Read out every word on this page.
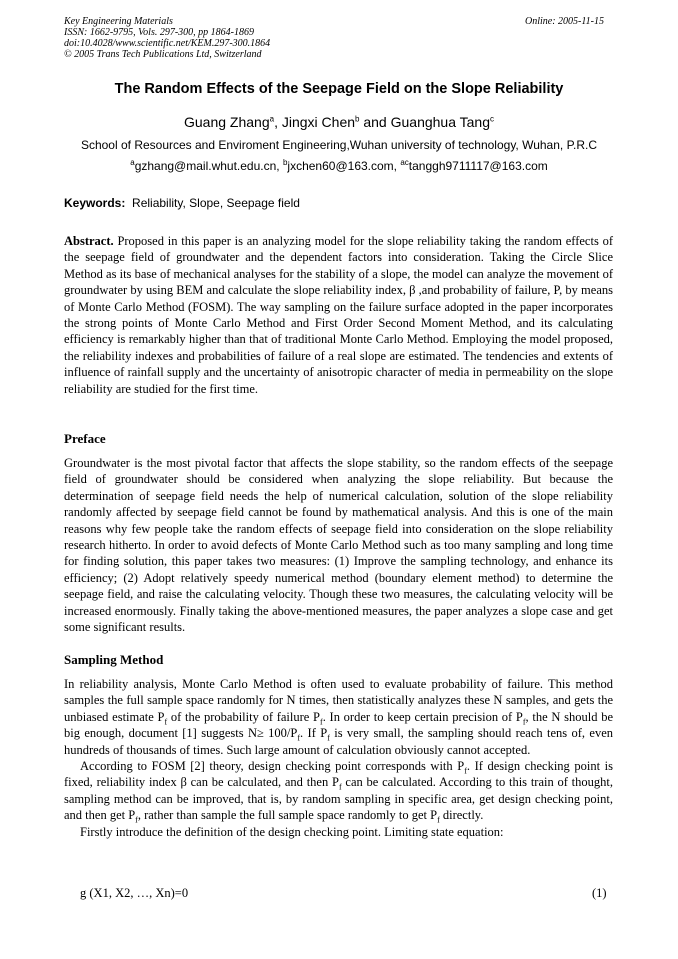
Key Engineering Materials
ISSN: 1662-9795, Vols. 297-300, pp 1864-1869
doi:10.4028/www.scientific.net/KEM.297-300.1864
© 2005 Trans Tech Publications Ltd, Switzerland
Online: 2005-11-15
The Random Effects of the Seepage Field on the Slope Reliability
Guang Zhang$^a$, Jingxi Chen$^b$ and Guanghua Tang$^c$
School of Resources and Enviroment Engineering,Wuhan university of technology, Wuhan, P.R.C
$^a$gzhang@mail.whut.edu.cn, $^b$jxchen60@163.com, $^{ac}$tanggh9711117@163.com
Keywords: Reliability, Slope, Seepage field

Abstract. Proposed in this paper is an analyzing model for the slope reliability taking the random effects of the seepage field of groundwater and the dependent factors into consideration. Taking the Circle Slice Method as its base of mechanical analyses for the stability of a slope, the model can analyze the movement of groundwater by using BEM and calculate the slope reliability index, β ,and probability of failure, P, by means of Monte Carlo Method (FOSM). The way sampling on the failure surface adopted in the paper incorporates the strong points of Monte Carlo Method and First Order Second Moment Method, and its calculating efficiency is remarkably higher than that of traditional Monte Carlo Method. Employing the model proposed, the reliability indexes and probabilities of failure of a real slope are estimated. The tendencies and extents of influence of rainfall supply and the uncertainty of anisotropic character of media in permeability on the slope reliability are studied for the first time.

Preface

Groundwater is the most pivotal factor that affects the slope stability, so the random effects of the seepage field of groundwater should be considered when analyzing the slope reliability. But because the determination of seepage field needs the help of numerical calculation, solution of the slope reliability randomly affected by seepage field cannot be found by mathematical analysis. And this is one of the main reasons why few people take the random effects of seepage field into consideration on the slope reliability research hitherto. In order to avoid defects of Monte Carlo Method such as too many sampling and long time for finding solution, this paper takes two measures: (1) Improve the sampling technology, and enhance its efficiency; (2) Adopt relatively speedy numerical method (boundary element method) to determine the seepage field, and raise the calculating velocity. Though these two measures, the calculating velocity will be increased enormously. Finally taking the above-mentioned measures, the paper analyzes a slope case and get some significant results.

Sampling Method

In reliability analysis, Monte Carlo Method is often used to evaluate probability of failure. This method samples the full sample space randomly for N times, then statistically analyzes these N samples, and gets the unbiased estimate $P_f$ of the probability of failure $P_f$. In order to keep certain precision of $P_f$, the N should be big enough, document [1] suggests $N\ge 100/P_f$. If $P_f$ is very small, the sampling should reach tens of, even hundreds of thousands of times. Such large amount of calculation obviously cannot accepted.

According to FOSM [2] theory, design checking point corresponds with $P_f$. If design checking point is fixed, reliability index β can be calculated, and then $P_f$ can be calculated. According to this train of thought, sampling method can be improved, that is, by random sampling in specific area, get design checking point, and then get $P_f$, rather than sample the full sample space randomly to get $P_f$ directly.

Firstly introduce the definition of the design checking point. Limiting state equation:

g (X1, X2, …, Xn)=0	(1)
